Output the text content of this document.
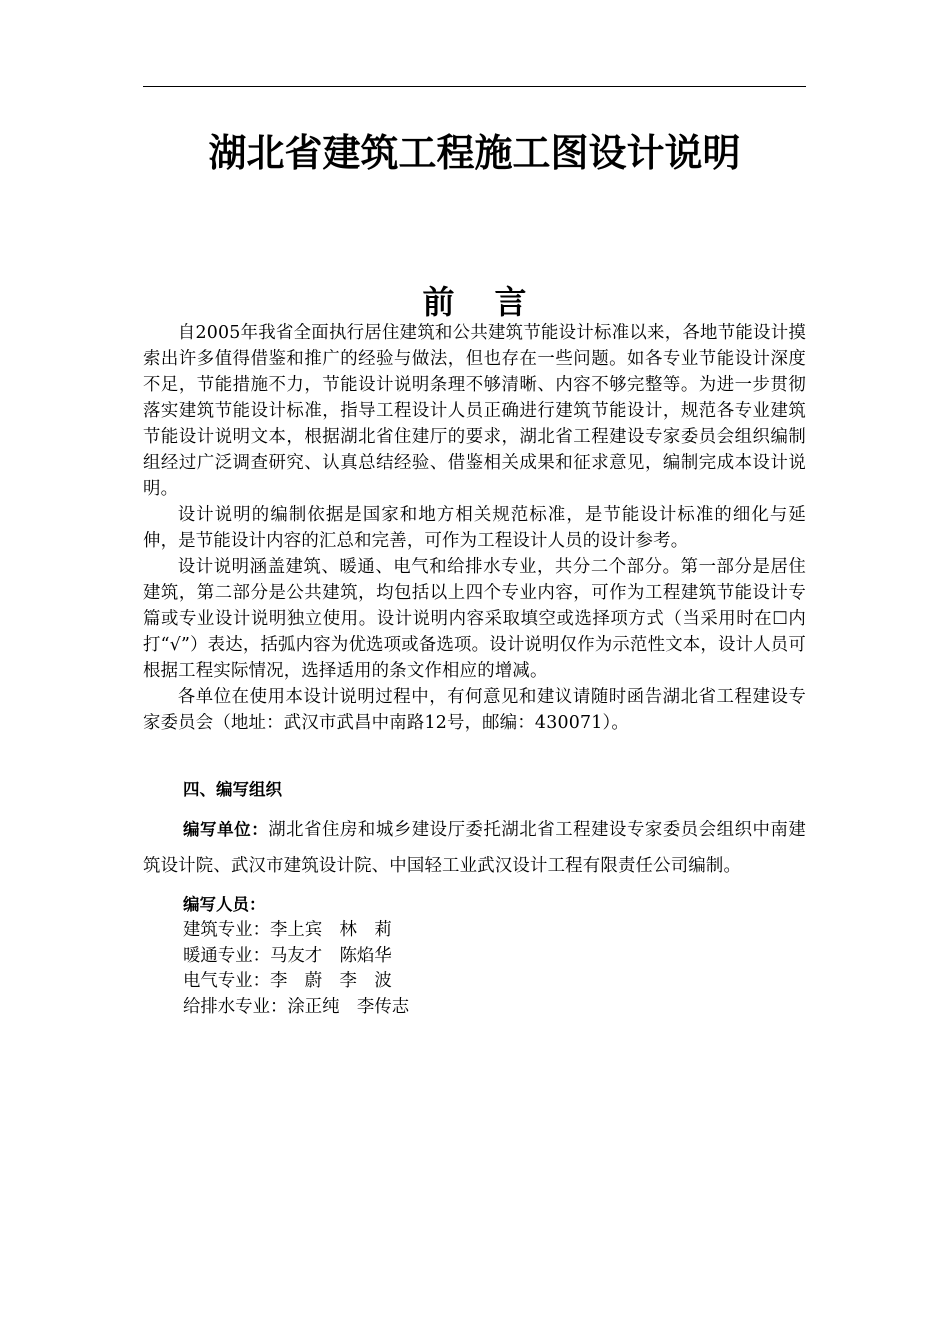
湖北省建筑工程施工图设计说明
前 言

自2005年我省全面执行居住建筑和公共建筑节能设计标准以来，各地节能设计摸索出许多值得借鉴和推广的经验与做法，但也存在一些问题。如各专业节能设计深度不足，节能措施不力，节能设计说明条理不够清晰、内容不够完整等。为进一步贯彻落实建筑节能设计标准，指导工程设计人员正确进行建筑节能设计，规范各专业建筑节能设计说明文本，根据湖北省住建厅的要求，湖北省工程建设专家委员会组织编制组经过广泛调查研究、认真总结经验、借鉴相关成果和征求意见，编制完成本设计说明。

设计说明的编制依据是国家和地方相关规范标准，是节能设计标准的细化与延伸，是节能设计内容的汇总和完善，可作为工程设计人员的设计参考。

设计说明涵盖建筑、暖通、电气和给排水专业，共分二个部分。第一部分是居住建筑，第二部分是公共建筑，均包括以上四个专业内容，可作为工程建筑节能设计专篇或专业设计说明独立使用。设计说明内容采取填空或选择项方式（当采用时在☐内打“√”）表达，括弧内容为优选项或备选项。设计说明仅作为示范性文本，设计人员可根据工程实际情况，选择适用的条文作相应的增减。

各单位在使用本设计说明过程中，有何意见和建议请随时函告湖北省工程建设专家委员会（地址：武汉市武昌中南路12号，邮编：430071）。

四、编写组织

编写单位：湖北省住房和城乡建设厅委托湖北省工程建设专家委员会组织中南建筑设计院、武汉市建筑设计院、中国轻工业武汉设计工程有限责任公司编制。

编写人员：
建筑专业：李上宾　林　莉
暖通专业：马友才　陈焰华
电气专业：李　蔚　李　波
给排水专业：涂正纯　李传志
